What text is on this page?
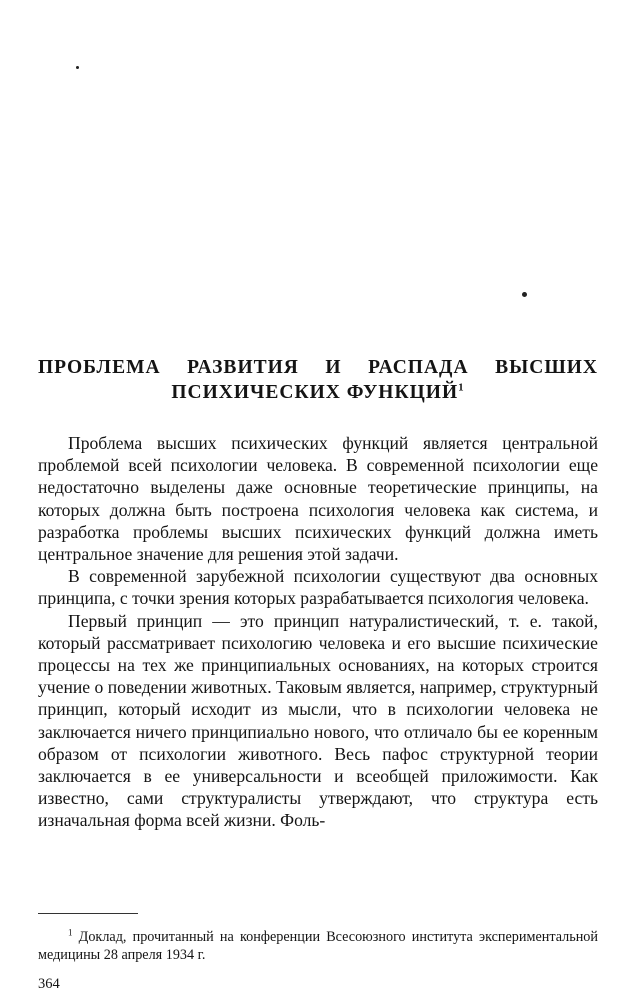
ПРОБЛЕМА РАЗВИТИЯ И РАСПАДА ВЫСШИХ
ПСИХИЧЕСКИХ ФУНКЦИЙ$^1$

Проблема высших психических функций является центральной проблемой всей психологии человека. В современной психологии еще недостаточно выделены даже основные теоретические принципы, на которых должна быть построена психология человека как система, и разработка проблемы высших психических функций должна иметь центральное значение для решения этой задачи.

В современной зарубежной психологии существуют два основных принципа, с точки зрения которых разрабатывается психология человека.

Первый принцип — это принцип натуралистический, т. е. такой, который рассматривает психологию человека и его высшие психические процессы на тех же принципиальных основаниях, на которых строится учение о поведении животных. Таковым является, например, структурный принцип, который исходит из мысли, что в психологии человека не заключается ничего принципиально нового, что отличало бы ее коренным образом от психологии животного. Весь пафос структурной теории заключается в ее универсальности и всеобщей приложимости. Как известно, сами структуралисты утверждают, что структура есть изначальная форма всей жизни. Фоль-

$^1$ Доклад, прочитанный на конференции Всесоюзного института экспериментальной медицины 28 апреля 1934 г.

364
